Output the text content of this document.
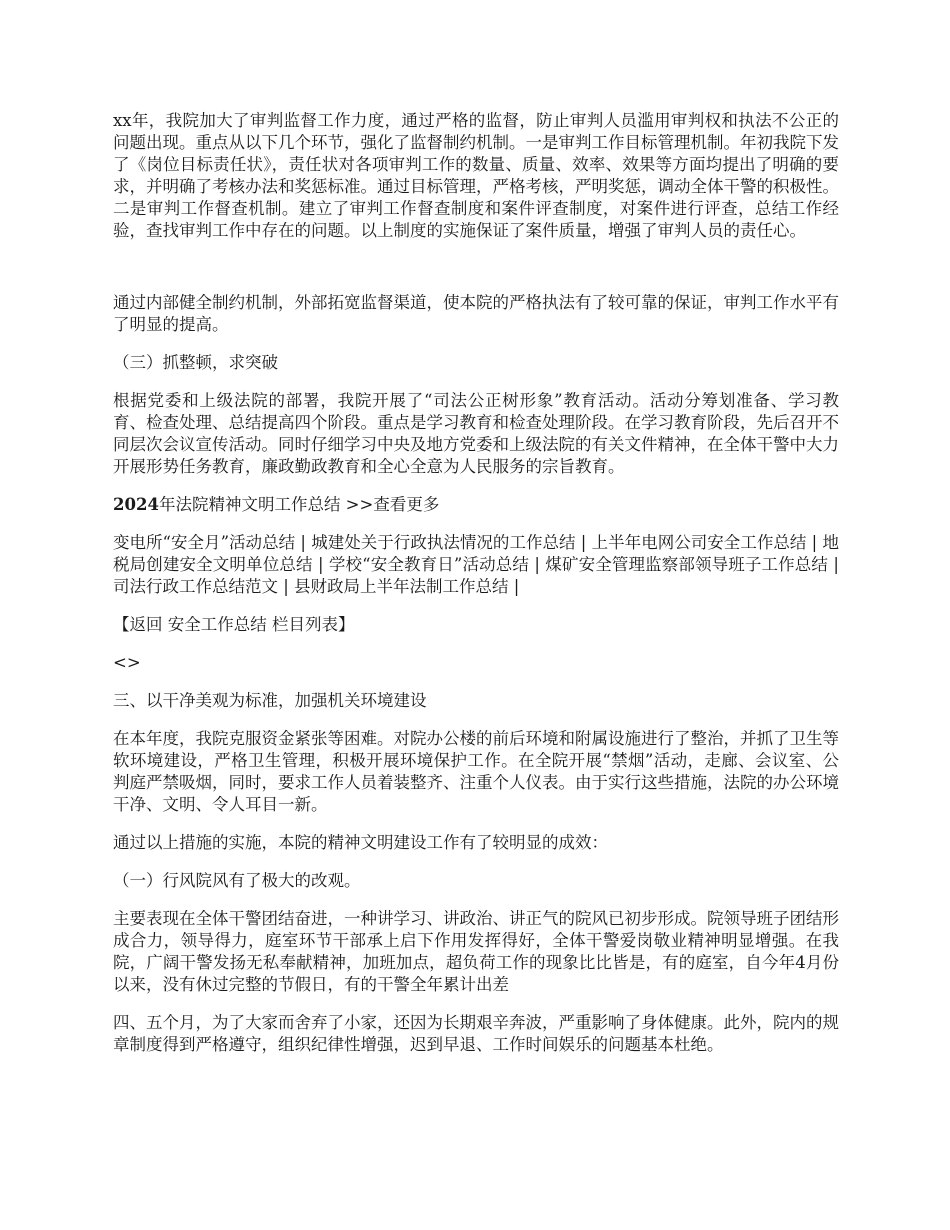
xx年，我院加大了审判监督工作力度，通过严格的监督，防止审判人员滥用审判权和执法不公正的问题出现。重点从以下几个环节，强化了监督制约机制。一是审判工作目标管理机制。年初我院下发了《岗位目标责任状》，责任状对各项审判工作的数量、质量、效率、效果等方面均提出了明确的要求，并明确了考核办法和奖惩标准。通过目标管理，严格考核，严明奖惩，调动全体干警的积极性。二是审判工作督查机制。建立了审判工作督查制度和案件评查制度，对案件进行评查，总结工作经验，查找审判工作中存在的问题。以上制度的实施保证了案件质量，增强了审判人员的责任心。

通过内部健全制约机制，外部拓宽监督渠道，使本院的严格执法有了较可靠的保证，审判工作水平有了明显的提高。

（三）抓整顿，求突破

根据党委和上级法院的部署，我院开展了“司法公正树形象”教育活动。活动分筹划准备、学习教育、检查处理、总结提高四个阶段。重点是学习教育和检查处理阶段。在学习教育阶段，先后召开不同层次会议宣传活动。同时仔细学习中央及地方党委和上级法院的有关文件精神，在全体干警中大力开展形势任务教育，廉政勤政教育和全心全意为人民服务的宗旨教育。

2024年法院精神文明工作总结 >>查看更多

变电所“安全月”活动总结 | 城建处关于行政执法情况的工作总结 | 上半年电网公司安全工作总结 | 地税局创建安全文明单位总结 | 学校“安全教育日”活动总结 | 煤矿安全管理监察部领导班子工作总结 | 司法行政工作总结范文 | 县财政局上半年法制工作总结 |

【返回 安全工作总结 栏目列表】

<>

三、以干净美观为标准，加强机关环境建设

在本年度，我院克服资金紧张等困难。对院办公楼的前后环境和附属设施进行了整治，并抓了卫生等软环境建设，严格卫生管理，积极开展环境保护工作。在全院开展“禁烟”活动，走廊、会议室、公判庭严禁吸烟，同时，要求工作人员着装整齐、注重个人仪表。由于实行这些措施，法院的办公环境干净、文明、令人耳目一新。

通过以上措施的实施，本院的精神文明建设工作有了较明显的成效：

（一）行风院风有了极大的改观。

主要表现在全体干警团结奋进，一种讲学习、讲政治、讲正气的院风已初步形成。院领导班子团结形成合力，领导得力，庭室环节干部承上启下作用发挥得好，全体干警爱岗敬业精神明显增强。在我院，广阔干警发扬无私奉献精神，加班加点，超负荷工作的现象比比皆是，有的庭室，自今年4月份以来，没有休过完整的节假日，有的干警全年累计出差

四、五个月，为了大家而舍弃了小家，还因为长期艰辛奔波，严重影响了身体健康。此外，院内的规章制度得到严格遵守，组织纪律性增强，迟到早退、工作时间娱乐的问题基本杜绝。
